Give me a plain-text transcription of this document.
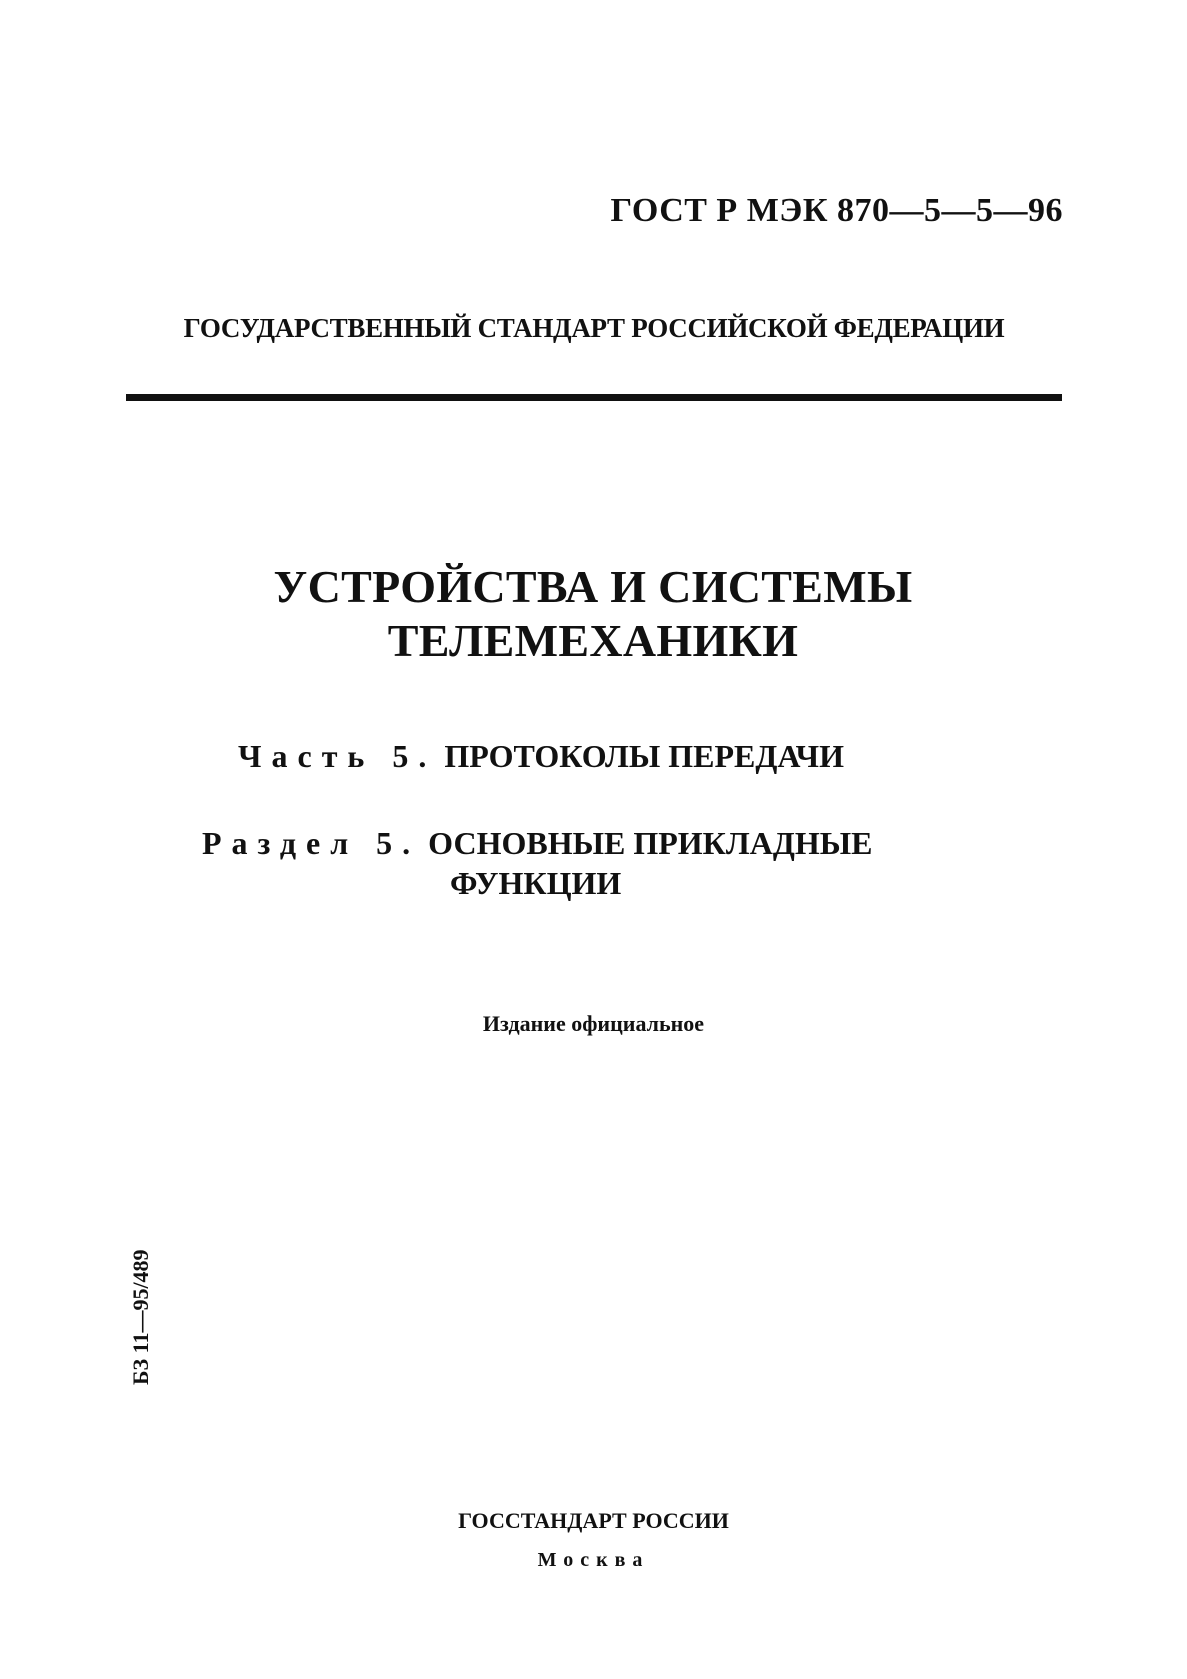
ГОСТ Р МЭК 870—5—5—96
ГОСУДАРСТВЕННЫЙ СТАНДАРТ РОССИЙСКОЙ ФЕДЕРАЦИИ
УСТРОЙСТВА И СИСТЕМЫ
ТЕЛЕМЕХАНИКИ
Часть 5. ПРОТОКОЛЫ ПЕРЕДАЧИ
Раздел 5. ОСНОВНЫЕ ПРИКЛАДНЫЕ
ФУНКЦИИ
Издание официальное
БЗ 11—95/489
ГОССТАНДАРТ РОССИИ
Москва
